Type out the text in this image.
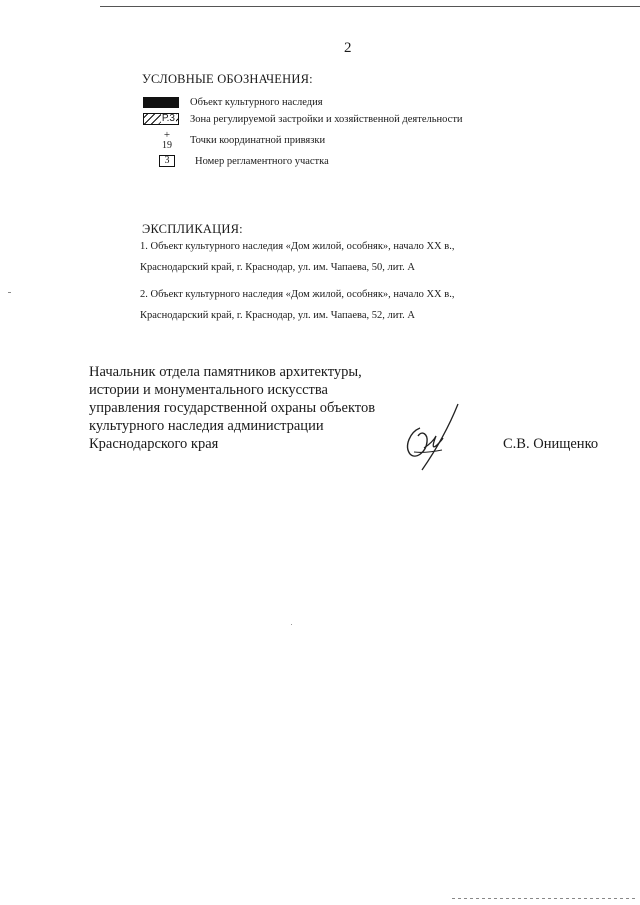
2
УСЛОВНЫЕ ОБОЗНАЧЕНИЯ:
Объект культурного наследия
Р.3 Зона регулируемой застройки и хозяйственной деятельности
+
19 Точки координатной привязки
3	Номер регламентного участка
ЭКСПЛИКАЦИЯ:
1. Объект культурного наследия «Дом жилой, особняк», начало XX в.,
Краснодарский край, г. Краснодар, ул. им. Чапаева, 50, лит. А
2. Объект культурного наследия «Дом жилой, особняк», начало XX в.,
Краснодарский край, г. Краснодар, ул. им. Чапаева, 52, лит. А
Начальник отдела памятников архитектуры,
истории и монументального искусства
управления государственной охраны объектов
культурного наследия администрации
Краснодарского края	С.В. Онищенко
